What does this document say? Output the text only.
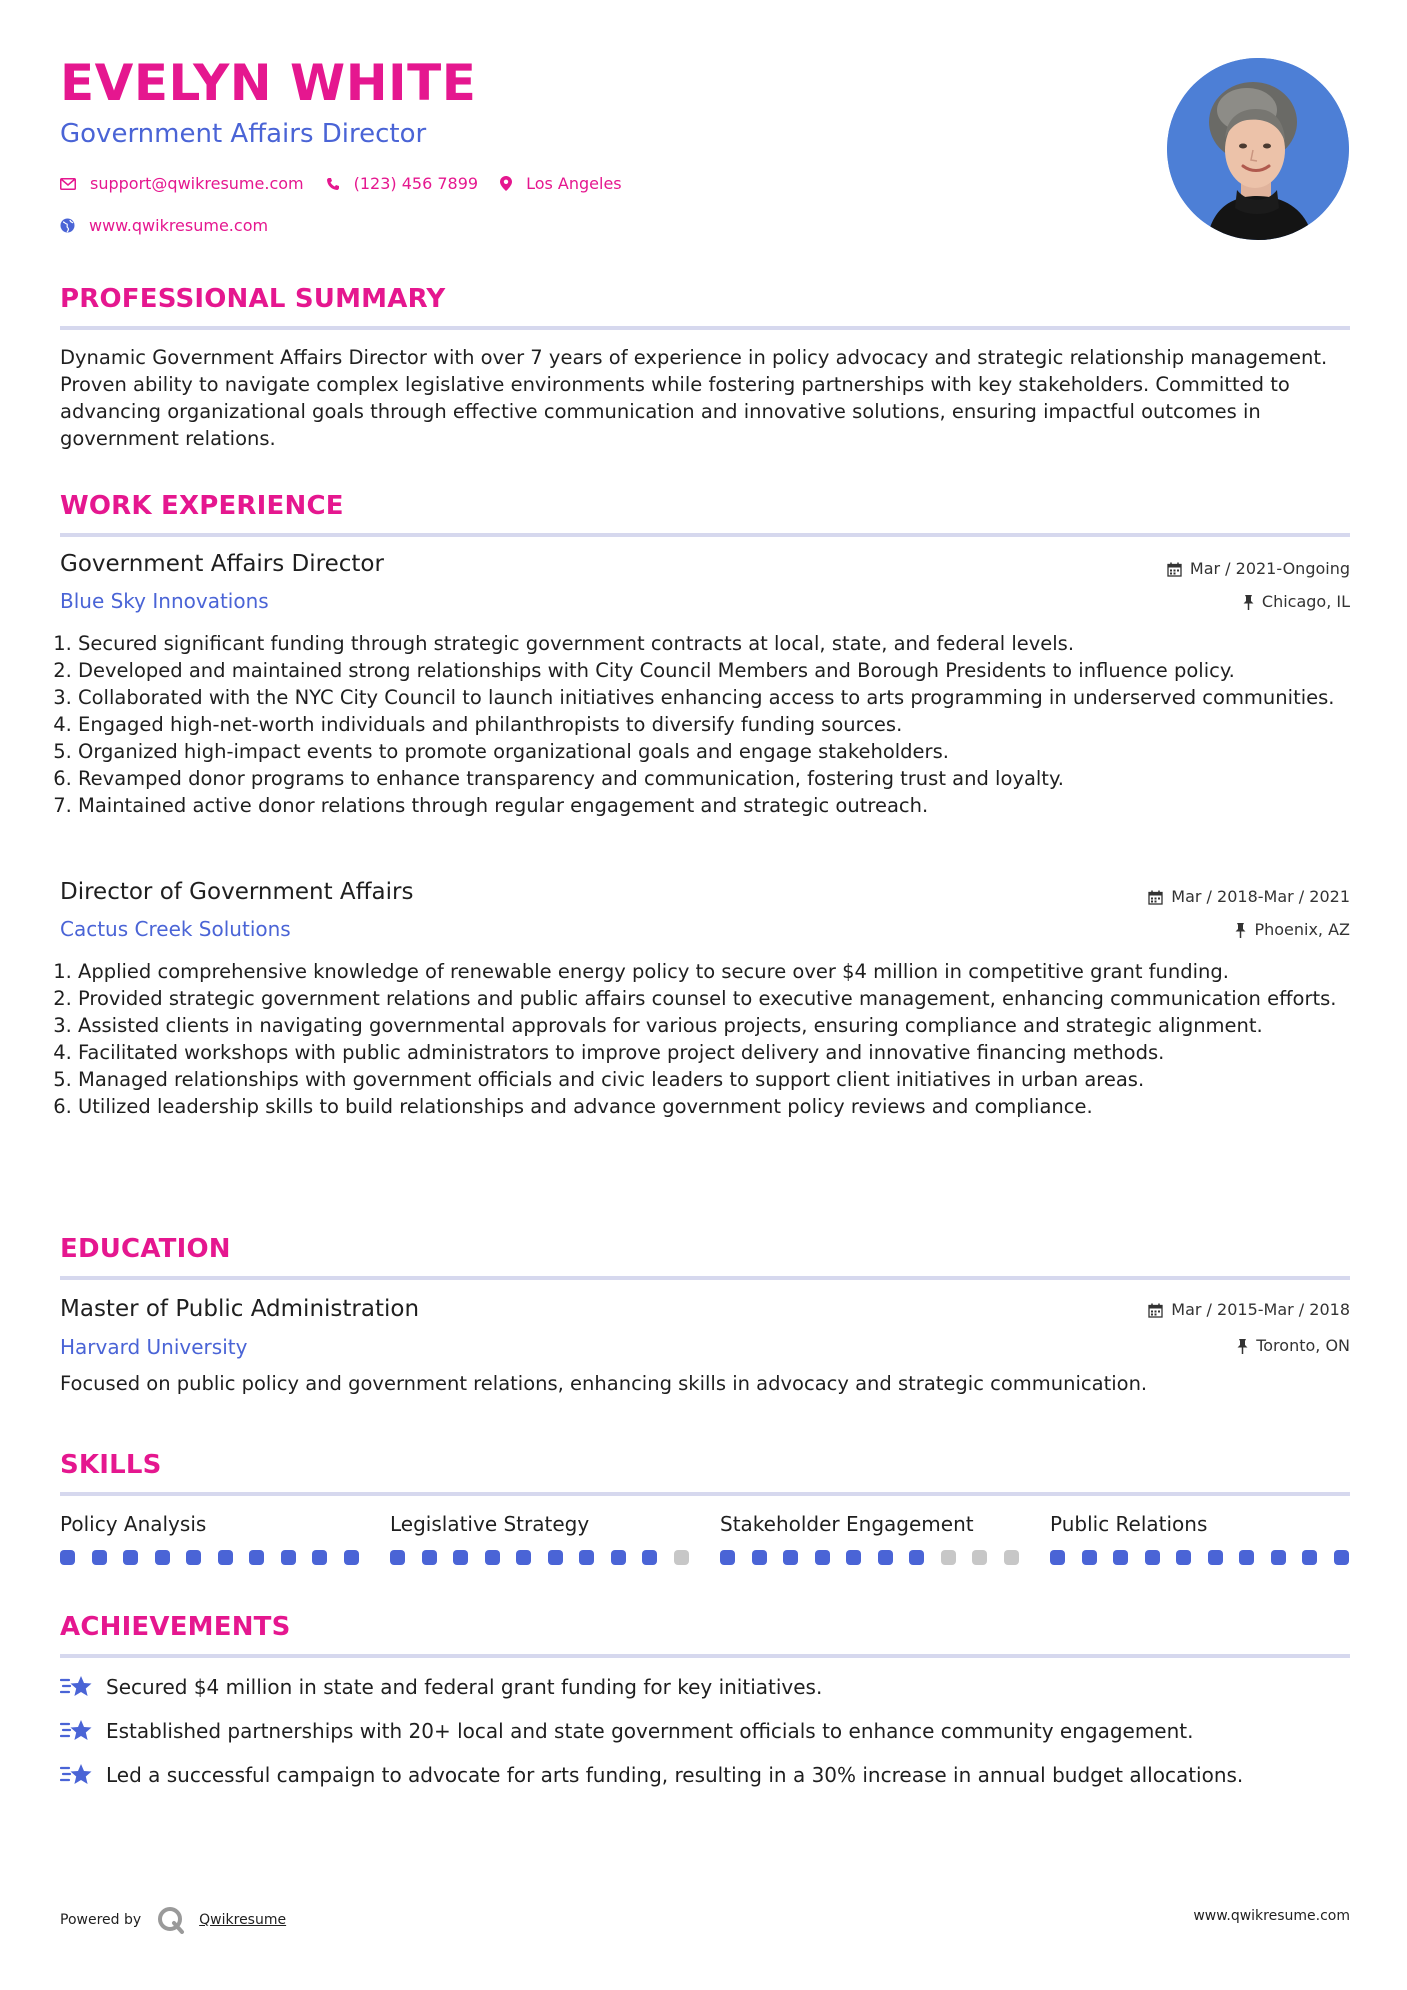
EVELYN WHITE
Government Affairs Director
support@qwikresume.com	(123) 456 7899	Los Angeles
www.qwikresume.com
PROFESSIONAL SUMMARY

Dynamic Government Affairs Director with over 7 years of experience in policy advocacy and strategic relationship management. Proven ability to navigate complex legislative environments while fostering partnerships with key stakeholders. Committed to advancing organizational goals through effective communication and innovative solutions, ensuring impactful outcomes in government relations.

WORK EXPERIENCE
Government Affairs Director
Blue Sky Innovations
Mar / 2021-Ongoing
Chicago, IL
1. Secured significant funding through strategic government contracts at local, state, and federal levels.
2. Developed and maintained strong relationships with City Council Members and Borough Presidents to influence policy.
3. Collaborated with the NYC City Council to launch initiatives enhancing access to arts programming in underserved communities.
4. Engaged high-net-worth individuals and philanthropists to diversify funding sources.
5. Organized high-impact events to promote organizational goals and engage stakeholders.
6. Revamped donor programs to enhance transparency and communication, fostering trust and loyalty.
7. Maintained active donor relations through regular engagement and strategic outreach.
Director of Government Affairs
Cactus Creek Solutions
Mar / 2018-Mar / 2021
Phoenix, AZ
1. Applied comprehensive knowledge of renewable energy policy to secure over $4 million in competitive grant funding.
2. Provided strategic government relations and public affairs counsel to executive management, enhancing communication efforts.
3. Assisted clients in navigating governmental approvals for various projects, ensuring compliance and strategic alignment.
4. Facilitated workshops with public administrators to improve project delivery and innovative financing methods.
5. Managed relationships with government officials and civic leaders to support client initiatives in urban areas.
6. Utilized leadership skills to build relationships and advance government policy reviews and compliance.
EDUCATION
Master of Public Administration
Harvard University
Mar / 2015-Mar / 2018
Toronto, ON

Focused on public policy and government relations, enhancing skills in advocacy and strategic communication.

SKILLS
Policy Analysis	Legislative Strategy	Stakeholder Engagement	Public Relations
ACHIEVEMENTS
Secured $4 million in state and federal grant funding for key initiatives.
Established partnerships with 20+ local and state government officials to enhance community engagement.
Led a successful campaign to advocate for arts funding, resulting in a 30% increase in annual budget allocations.
Powered by	Qwikresume	www.qwikresume.com
